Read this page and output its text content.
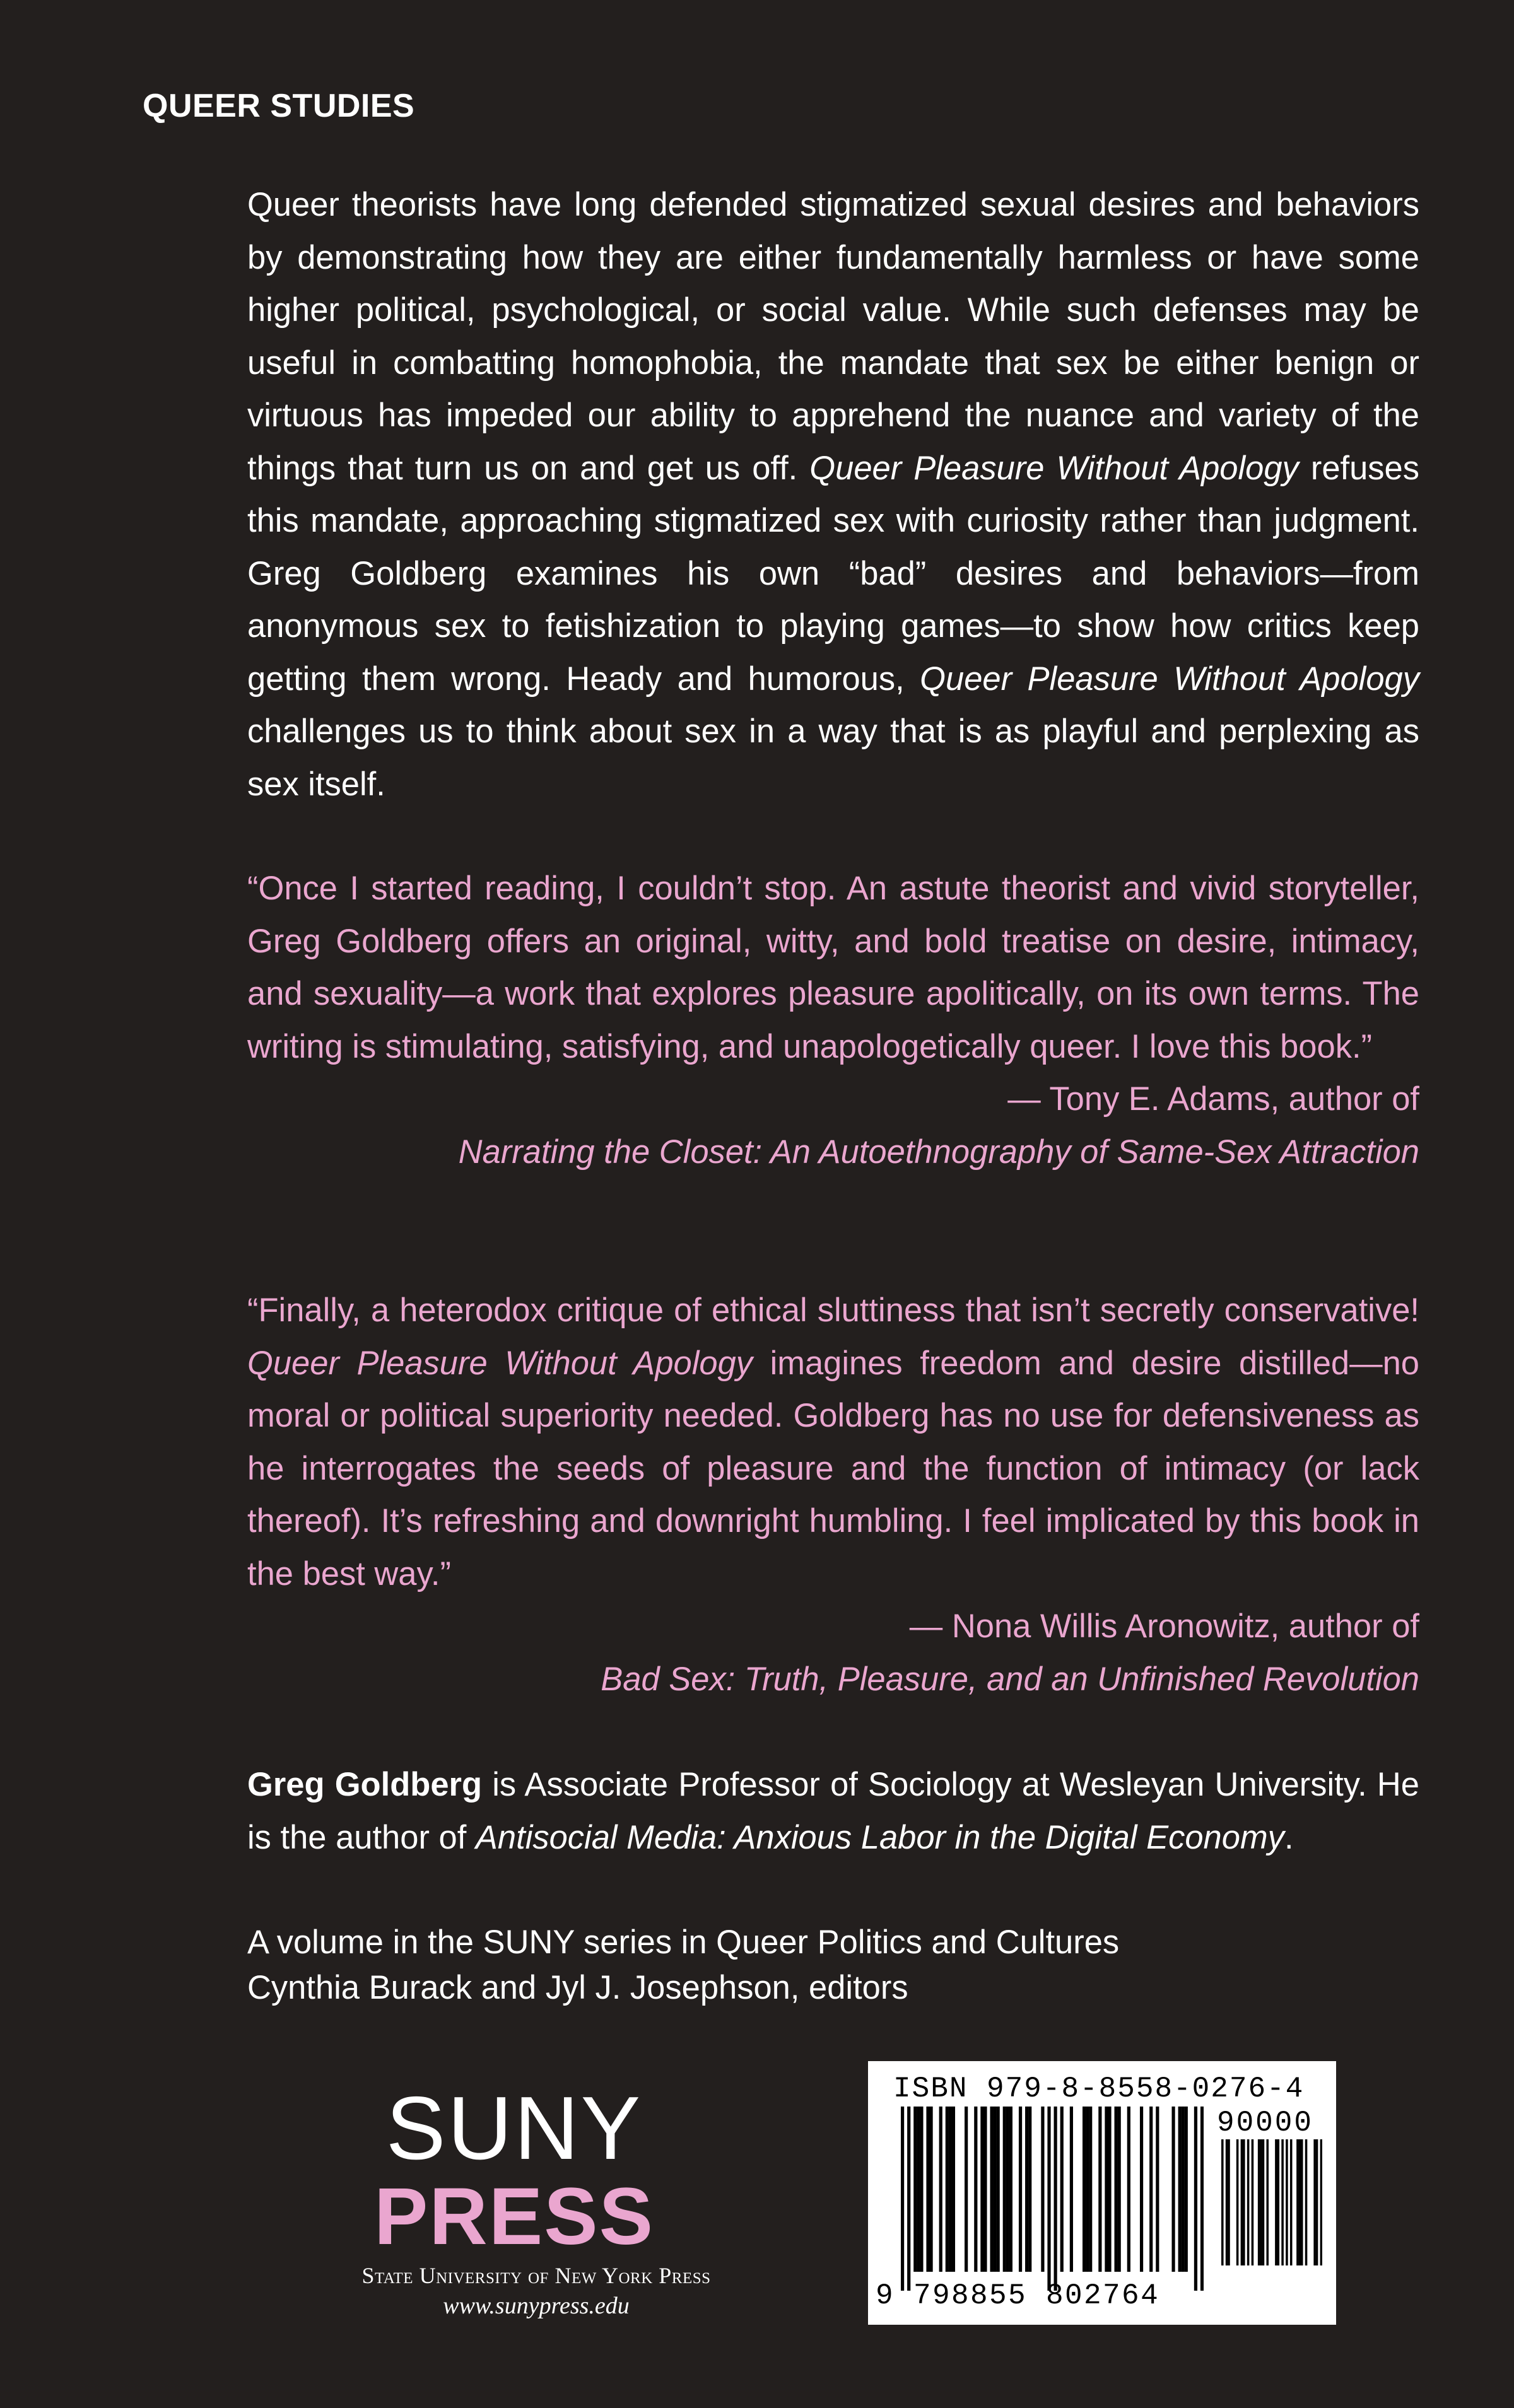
QUEER STUDIES

Queer theorists have long defended stigmatized sexual desires and behaviors by demonstrating how they are either fundamentally harmless or have some higher political, psychological, or social value. While such defenses may be useful in combatting homophobia, the mandate that sex be either benign or virtuous has impeded our ability to apprehend the nuance and variety of the things that turn us on and get us off. Queer Pleasure Without Apology refuses this mandate, approaching stigmatized sex with curiosity rather than judgment. Greg Goldberg examines his own “bad” desires and behaviors—from anonymous sex to fetishization to playing games—to show how critics keep getting them wrong. Heady and humorous, Queer Pleasure Without Apology challenges us to think about sex in a way that is as playful and perplexing as sex itself.

“Once I started reading, I couldn’t stop. An astute theorist and vivid storyteller, Greg Goldberg offers an original, witty, and bold treatise on desire, intimacy, and sexuality—a work that explores pleasure apolitically, on its own terms. The writing is stimulating, satisfying, and unapologetically queer. I love this book.”

— Tony E. Adams, author of
Narrating the Closet: An Autoethnography of Same-Sex Attraction

“Finally, a heterodox critique of ethical sluttiness that isn’t secretly conservative! Queer Pleasure Without Apology imagines freedom and desire distilled—no moral or political superiority needed. Goldberg has no use for defensiveness as he interrogates the seeds of pleasure and the function of intimacy (or lack thereof). It’s refreshing and downright humbling. I feel implicated by this book in the best way.”

— Nona Willis Aronowitz, author of
Bad Sex: Truth, Pleasure, and an Unfinished Revolution

Greg Goldberg is Associate Professor of Sociology at Wesleyan University. He is the author of Antisocial Media: Anxious Labor in the Digital Economy.

A volume in the SUNY series in Queer Politics and Cultures
Cynthia Burack and Jyl J. Josephson, editors
SUNY
PRESS
State University of New York Press
www.sunypress.edu
ISBN 979-8-8558-0276-4
90000
9 798855 802764
